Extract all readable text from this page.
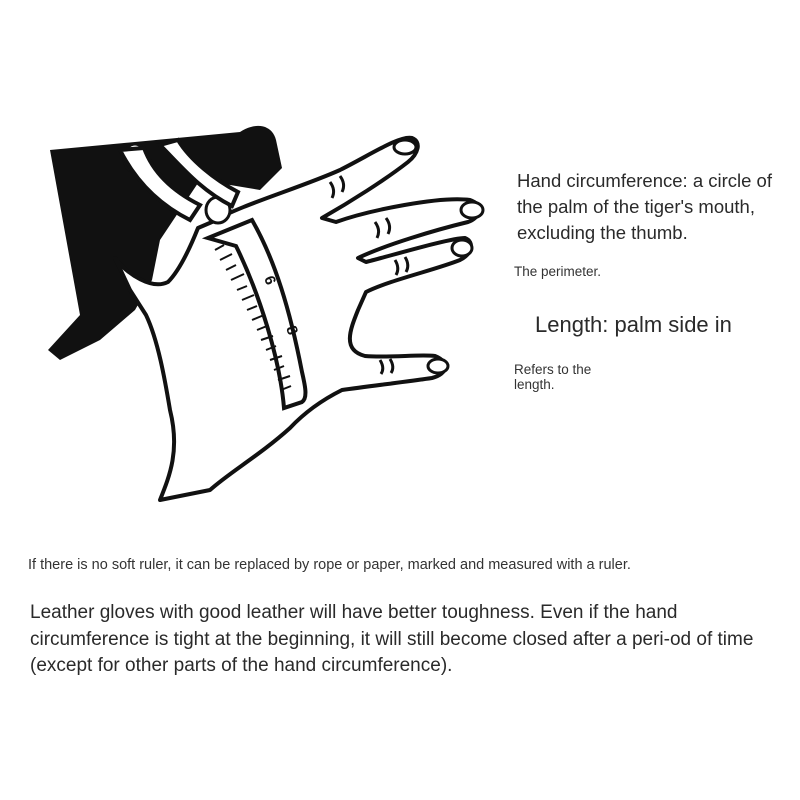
6
8

Hand circumference: a circle of the palm of the tiger's mouth, excluding the thumb.

The perimeter.

Length: palm side in

Refers to the length.

If there is no soft ruler, it can be replaced by rope or paper, marked and measured with a ruler.

Leather gloves with good leather will have better toughness. Even if the hand circumference is tight at the beginning, it will still become closed after a peri-od of time (except for other parts of the hand circumference).
